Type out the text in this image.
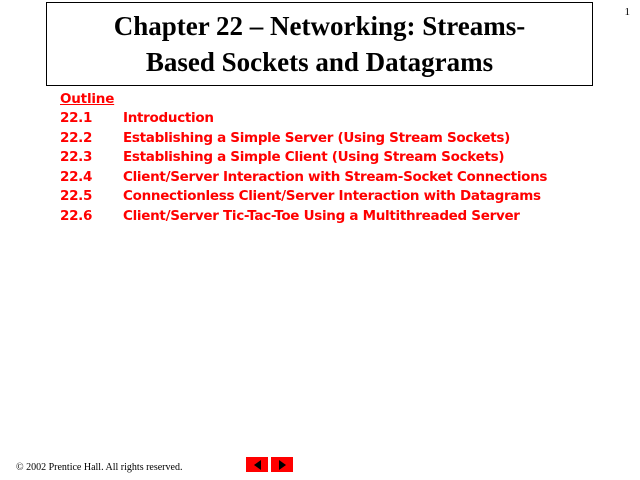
1
Chapter 22 – Networking: Streams-
Based Sockets and Datagrams
Outline
22.1	Introduction
22.2	Establishing a Simple Server (Using Stream Sockets)
22.3	Establishing a Simple Client (Using Stream Sockets)
22.4	Client/Server Interaction with Stream-Socket Connections
22.5	Connectionless Client/Server Interaction with Datagrams
22.6	Client/Server Tic-Tac-Toe Using a Multithreaded Server
© 2002 Prentice Hall. All rights reserved.
